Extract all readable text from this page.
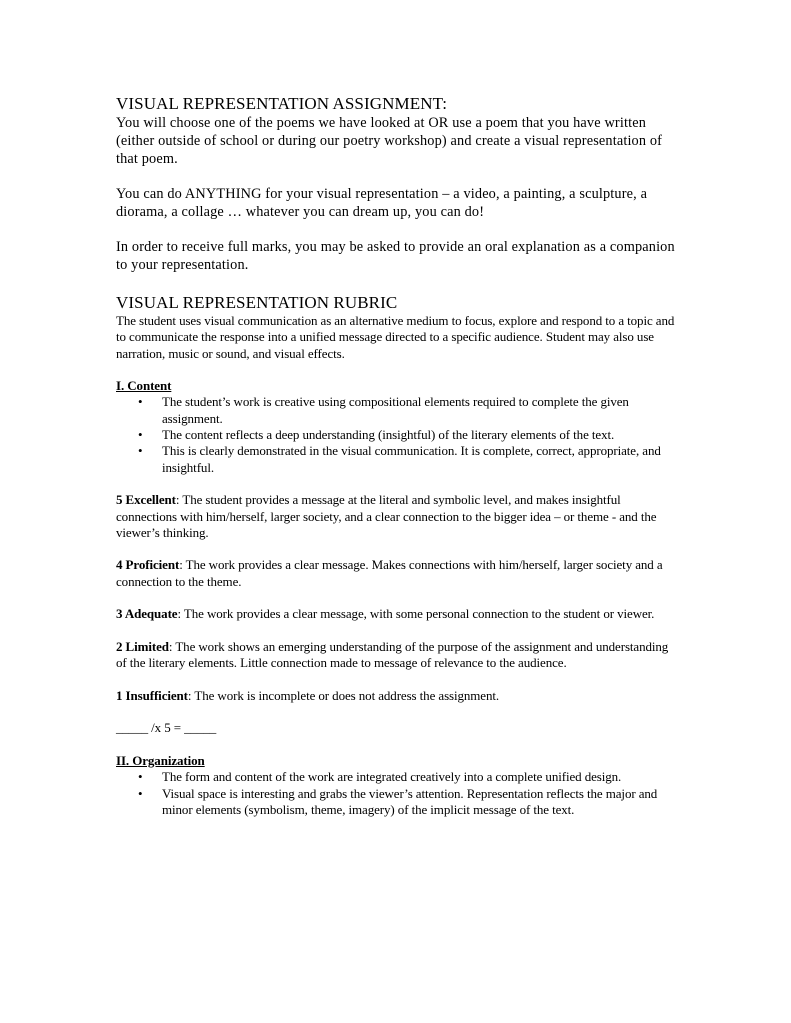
VISUAL REPRESENTATION ASSIGNMENT:

You will choose one of the poems we have looked at OR use a poem that you have written (either outside of school or during our poetry workshop) and create a visual representation of that poem.

You can do ANYTHING for your visual representation – a video, a painting, a sculpture, a diorama, a collage … whatever you can dream up, you can do!

In order to receive full marks, you may be asked to provide an oral explanation as a companion to your representation.

VISUAL REPRESENTATION RUBRIC

The student uses visual communication as an alternative medium to focus, explore and respond to a topic and to communicate the response into a unified message directed to a specific audience. Student may also use narration, music or sound, and visual effects.

I. Content

• The student’s work is creative using compositional elements required to complete the given assignment.
• The content reflects a deep understanding (insightful) of the literary elements of the text.
• This is clearly demonstrated in the visual communication. It is complete, correct, appropriate, and insightful.

5 Excellent: The student provides a message at the literal and symbolic level, and makes insightful connections with him/herself, larger society, and a clear connection to the bigger idea – or theme - and the viewer’s thinking.

4 Proficient: The work provides a clear message. Makes connections with him/herself, larger society and a connection to the theme.

3 Adequate: The work provides a clear message, with some personal connection to the student or viewer.

2 Limited: The work shows an emerging understanding of the purpose of the assignment and understanding of the literary elements. Little connection made to message of relevance to the audience.

1 Insufficient: The work is incomplete or does not address the assignment.

_____ /x 5 = _____

II. Organization

• The form and content of the work are integrated creatively into a complete unified design.
• Visual space is interesting and grabs the viewer’s attention. Representation reflects the major and minor elements (symbolism, theme, imagery) of the implicit message of the text.
